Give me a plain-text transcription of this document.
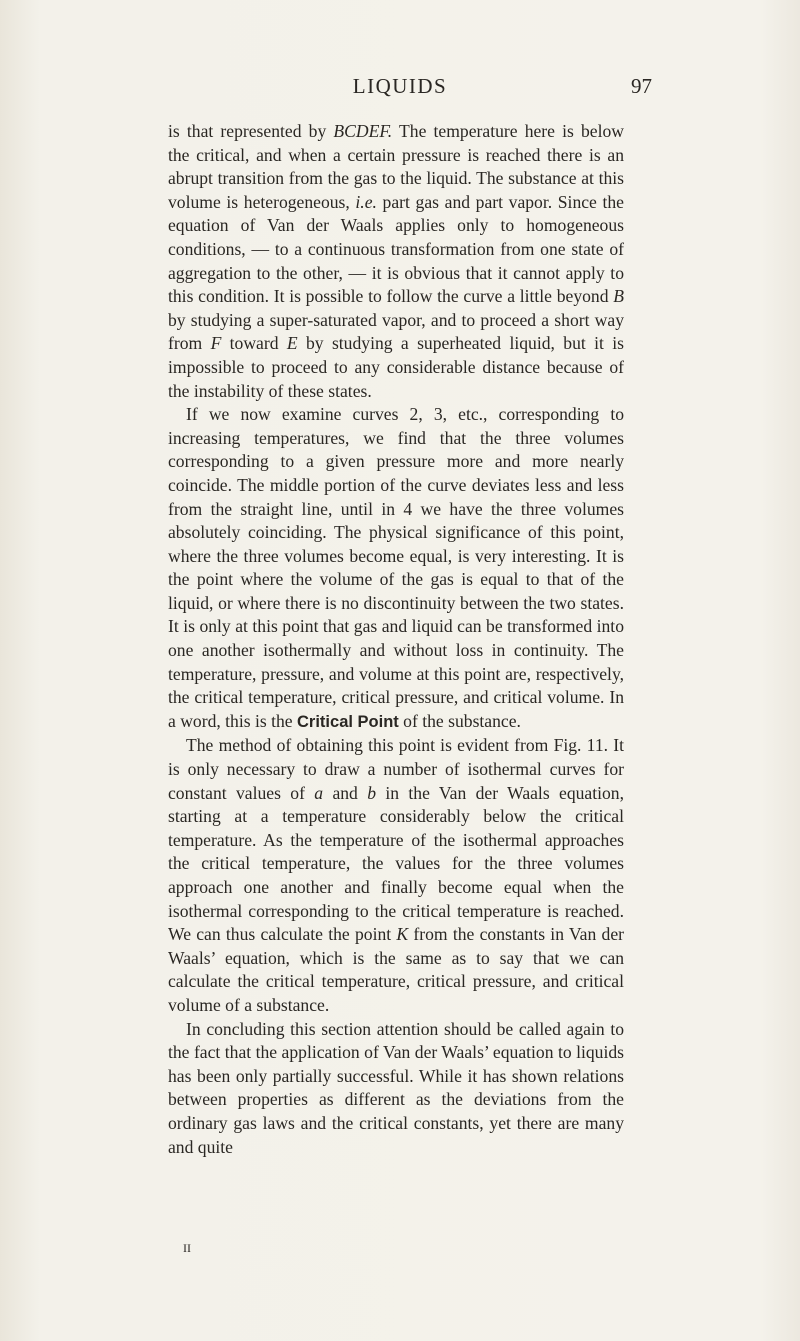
LIQUIDS	97

is that represented by BCDEF. The temperature here is below the critical, and when a certain pressure is reached there is an abrupt transition from the gas to the liquid. The substance at this volume is heterogeneous, i.e. part gas and part vapor. Since the equation of Van der Waals applies only to homogeneous conditions, — to a continuous transformation from one state of aggregation to the other, — it is obvious that it cannot apply to this condition. It is possible to follow the curve a little beyond B by studying a super-saturated vapor, and to proceed a short way from F toward E by studying a superheated liquid, but it is impossible to proceed to any considerable distance because of the instability of these states.

If we now examine curves 2, 3, etc., corresponding to increasing temperatures, we find that the three volumes corresponding to a given pressure more and more nearly coincide. The middle portion of the curve deviates less and less from the straight line, until in 4 we have the three volumes absolutely coinciding. The physical significance of this point, where the three volumes become equal, is very interesting. It is the point where the volume of the gas is equal to that of the liquid, or where there is no discontinuity between the two states. It is only at this point that gas and liquid can be transformed into one another isothermally and without loss in continuity. The temperature, pressure, and volume at this point are, respectively, the critical temperature, critical pressure, and critical volume. In a word, this is the Critical Point of the substance.

The method of obtaining this point is evident from Fig. 11. It is only necessary to draw a number of isothermal curves for constant values of a and b in the Van der Waals equation, starting at a temperature considerably below the critical temperature. As the temperature of the isothermal approaches the critical temperature, the values for the three volumes approach one another and finally become equal when the isothermal corresponding to the critical temperature is reached. We can thus calculate the point K from the constants in Van der Waals’ equation, which is the same as to say that we can calculate the critical temperature, critical pressure, and critical volume of a substance.

In concluding this section attention should be called again to the fact that the application of Van der Waals’ equation to liquids has been only partially successful. While it has shown relations between properties as different as the deviations from the ordinary gas laws and the critical constants, yet there are many and quite

II
